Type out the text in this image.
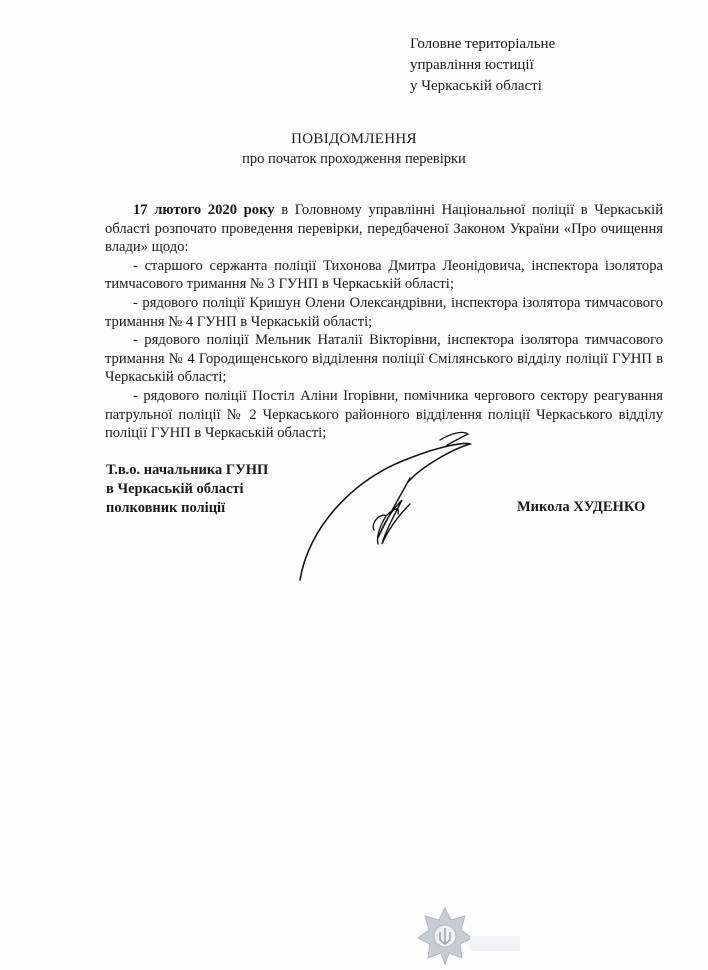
Головне територіальне
управління юстиції
у Черкаській області
ПОВІДОМЛЕННЯ
про початок проходження перевірки

17 лютого 2020 року в Головному управлінні Національної поліції в Черкаській області розпочато проведення перевірки, передбаченої Законом України «Про очищення влади» щодо:

- старшого сержанта поліції Тихонова Дмитра Леонідовича, інспектора ізолятора тимчасового тримання № 3 ГУНП в Черкаській області;

- рядового поліції Кришун Олени Олександрівни, інспектора ізолятора тимчасового тримання № 4 ГУНП в Черкаській області;

- рядового поліції Мельник Наталії Вікторівни, інспектора ізолятора тимчасового тримання № 4 Городищенського відділення поліції Смілянського відділу поліції ГУНП в Черкаській області;

- рядового поліції Постіл Аліни Ігорівни, помічника чергового сектору реагування патрульної поліції № 2 Черкаського районного відділення поліції Черкаського відділу поліції ГУНП в Черкаській області;

Т.в.о. начальника ГУНП
в Черкаській області
полковник поліції	Микола ХУДЕНКО
▬
